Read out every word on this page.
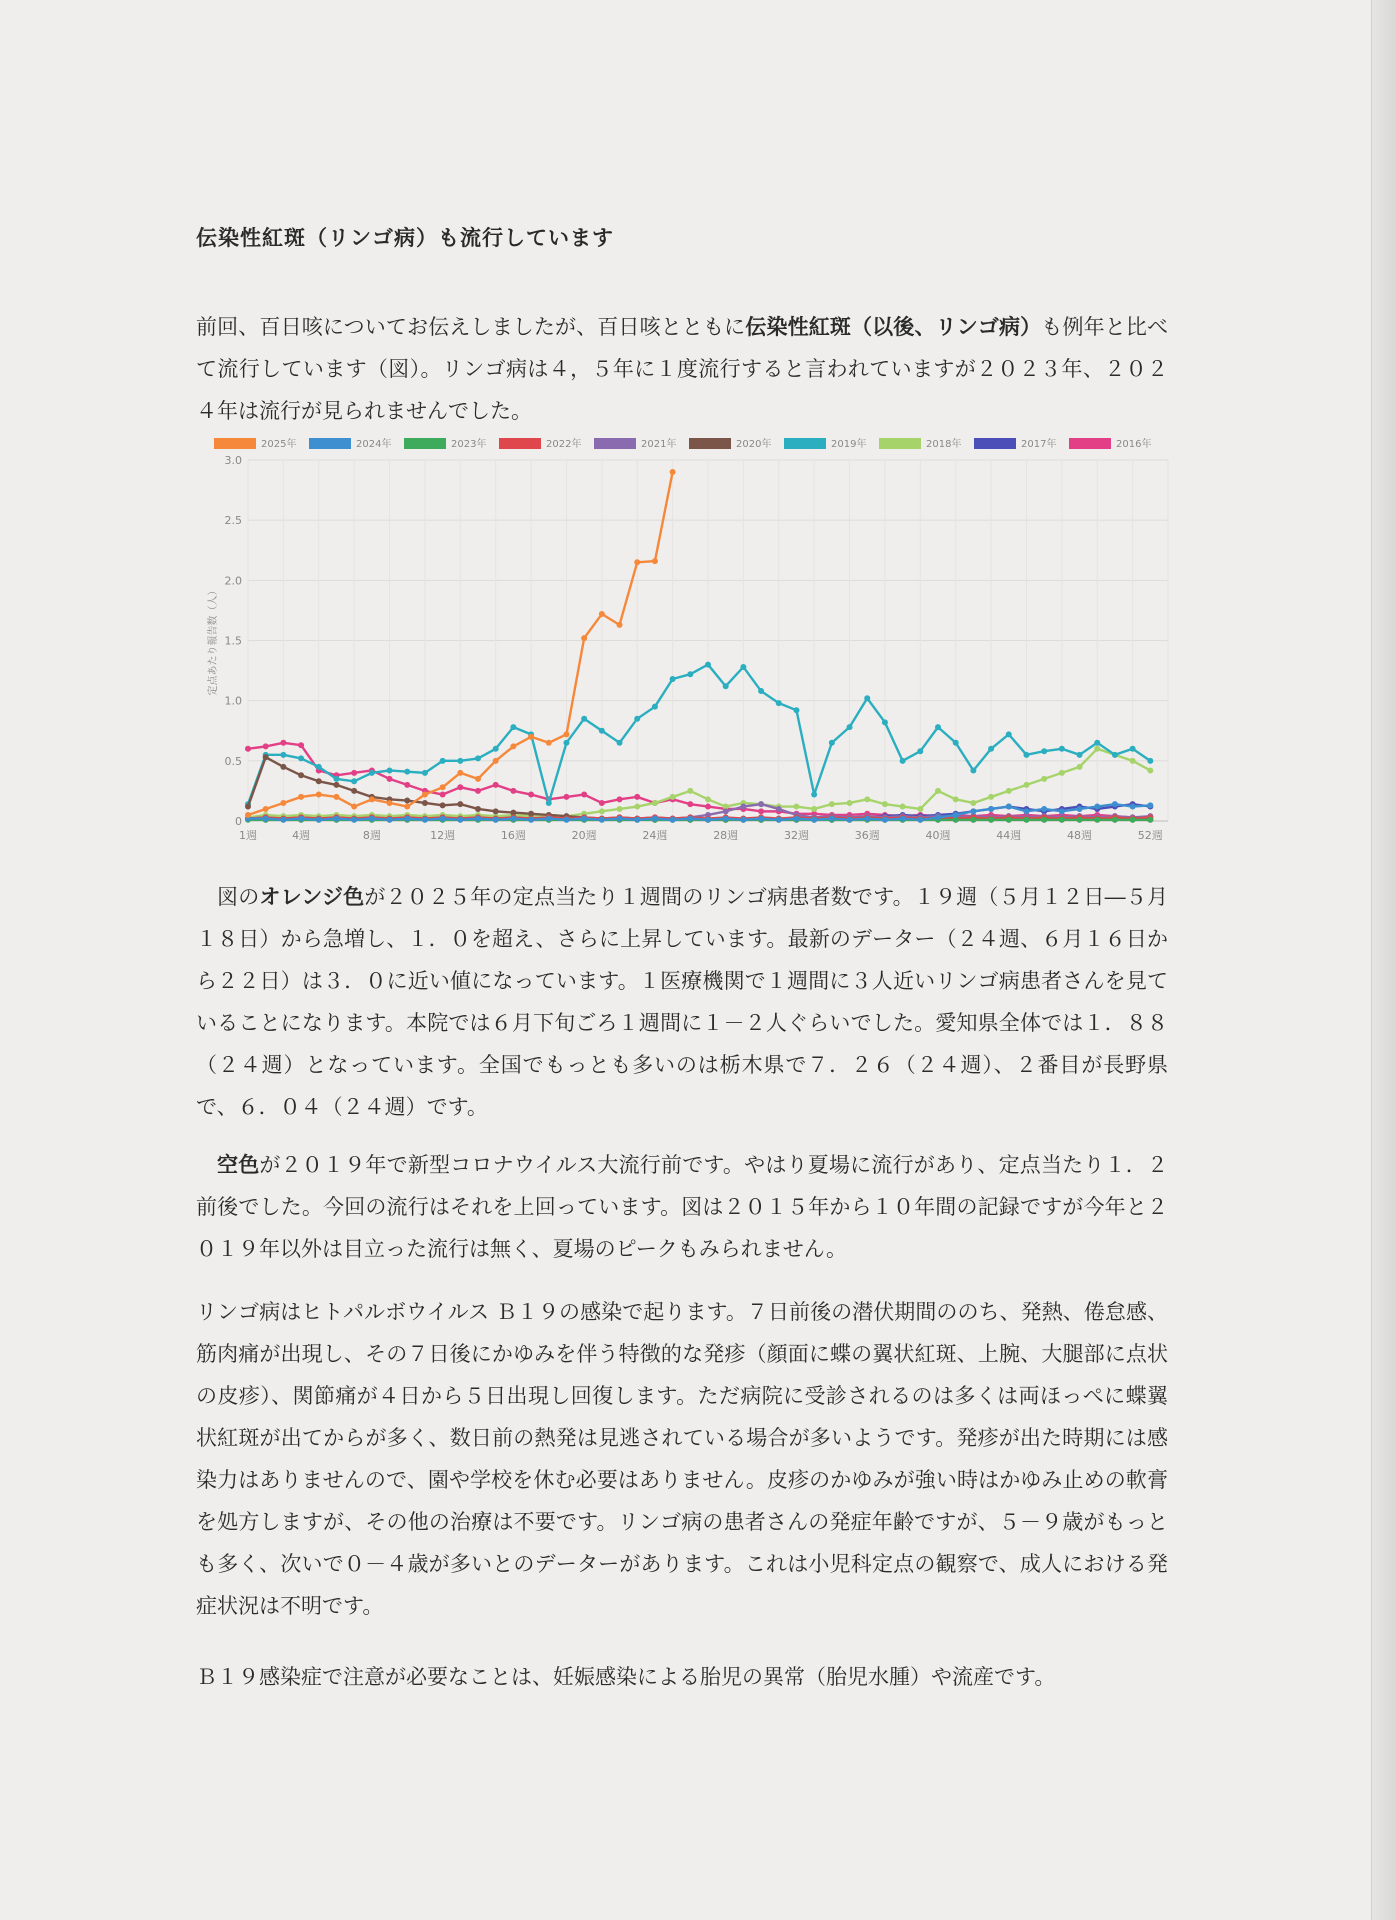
伝染性紅斑（リンゴ病）も流行しています

前回、百日咳についてお伝えしましたが、百日咳とともに伝染性紅斑（以後、リンゴ病）も例年と比べて流行しています（図）。リンゴ病は４，５年に１度流行すると言われていますが２０２３年、２０２４年は流行が見られませんでした。

0
0.5
1.0
1.5
2.0
2.5
3.0
1週	4週	8週	12週	16週	20週	24週	28週	32週	36週	40週	44週	48週	52週
定点あたり報告数（人）
2025年	2024年	2023年	2022年	2021年	2020年	2019年	2018年	2017年	2016年

図のオレンジ色が２０２５年の定点当たり１週間のリンゴ病患者数です。１９週（５月１２日―５月１８日）から急増し、１．０を超え、さらに上昇しています。最新のデーター（２４週、６月１６日から２２日）は３．０に近い値になっています。１医療機関で１週間に３人近いリンゴ病患者さんを見ていることになります。本院では６月下旬ごろ１週間に１－２人ぐらいでした。愛知県全体では１．８８（２４週）となっています。全国でもっとも多いのは栃木県で７．２６（２４週）、２番目が長野県で、６．０４（２４週）です。

空色が２０１９年で新型コロナウイルス大流行前です。やはり夏場に流行があり、定点当たり１．２前後でした。今回の流行はそれを上回っています。図は２０１５年から１０年間の記録ですが今年と２０１９年以外は目立った流行は無く、夏場のピークもみられません。

リンゴ病はヒトパルボウイルス Ｂ１９の感染で起ります。７日前後の潜伏期間ののち、発熱、倦怠感、筋肉痛が出現し、その７日後にかゆみを伴う特徴的な発疹（顔面に蝶の翼状紅斑、上腕、大腿部に点状の皮疹）、関節痛が４日から５日出現し回復します。ただ病院に受診されるのは多くは両ほっぺに蝶翼状紅斑が出てからが多く、数日前の熱発は見逃されている場合が多いようです。発疹が出た時期には感染力はありませんので、園や学校を休む必要はありません。皮疹のかゆみが強い時はかゆみ止めの軟膏を処方しますが、その他の治療は不要です。リンゴ病の患者さんの発症年齢ですが、５－９歳がもっとも多く、次いで０－４歳が多いとのデーターがあります。これは小児科定点の観察で、成人における発症状況は不明です。

Ｂ１９感染症で注意が必要なことは、妊娠感染による胎児の異常（胎児水腫）や流産です。
